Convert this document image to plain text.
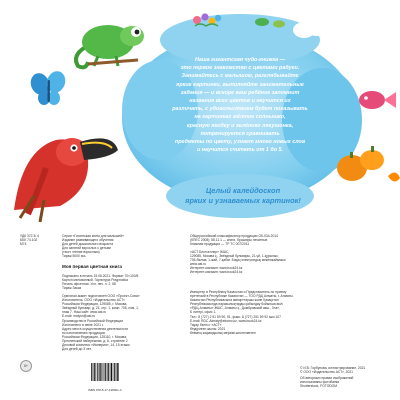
Наша гигантская чудо-книжка —
это первое знакомство с цветами радуги.
Занимайтесь с малышом, разглядывайте
яркие картинки, выполняйте занимательные
задания — и вскоре ваш ребёнок запомнит
названия всех цветов и научится их
различать, с удовольствием будет показывать
на картинках жёлтое солнышко,
красную ягодку и зелёного лягушонка,
потренируется сравнивать
предметы по цвету, узнает много новых слов
и научится считать от 1 до 5.
Целый калейдоскоп
ярких и узнаваемых картинок!
УДК 372.3/.4
ББК 74.102
М74
Серия «Гигантская книга для малышей»
Издание развивающего обучения
Для детей дошкольного возраста
Для занятий взрослых с детьми
(текст чтение взрослым)
Тираж 5000 экз.
Моя первая цветная книга
Подписано в печать 15.06.2021. Формат 70×100/8
Картон мелованный. Гарнитура Pragmatica
Печать офсетная. Усл. печ. л. 2. 58
Тираж Заказ
Оригинал-макет подготовлен ООО «Проект-Сова»
Изготовитель: ООО «Издательство АСТ»
Российская Федерация, 129085, г. Москва,
Звёздный бульвар, д. 21, стр. 1, комн. 705, пом. 1,
этаж 7. Наш сайт: www.ast.ru
E-mail: malysh@ast.ru
Производство в Российской Федерации
Изготовлено в июне 2021 г.
Адрес места осуществления деятельности
по изготовлению продукции:
Российская Федерация, 125110, г. Москва,
Пресненский набережная, д. 6, строение 2
Деловой комплекс «Империя», 14, 15 этажи.
Для детей до 3 лет.
Общероссийский классификатор продукции ОК-034-2014
(КПЕС 2008); 58.11.1 — книги, брошюры печатные.
Книжная продукция — ТР ТС 007/2011
«АСТ Бестселлер» ЖШС,
129085, Москва қ., Звёздный бульвары, 21-үй, 1-құрылыс,
705-бөлмө, 1-жай, 7-қабат. Біздің электрондық мекенжайымыз:
www.ast.ru
Интернет-магазин: www.book24.kz
Интернет-магазин: www.book24.kz
Импортер в Республику Казахстан и Представитель по приему
претензий в Республике Казахстан — ТОО РДЦ Алматы, г. Алматы.
Казахстан Республикасына импорттаушы және Қазақстан
Республикасында наразылықтарды қабылдау бойынша өкіл:
«РДЦ-Алматы» ЖШС, Алматы қ., Домбровский көш., 3«а»,
Б литері, офис 1.
Тел.: 8 (727) 2 51 59 90, 91, факс: 8 (727) 251 59 92 ішкі 107
E-mail: RDC-Almaty@eksmo.kz, www.book24.kz
Тауар белгісі: «АСТ»
Өндірілген жылы: 2021
Өнімнің жарамдылық мерзімі шектелмеген
© И.В. Горбунова, иллюстрирование, 2021
© ООО «Издательство АСТ», 2021
Об авторских правах изображений
использованы фотобанки
Shutterstock, FOTODOM
0+
ISBN 978-5-17-138001-4
